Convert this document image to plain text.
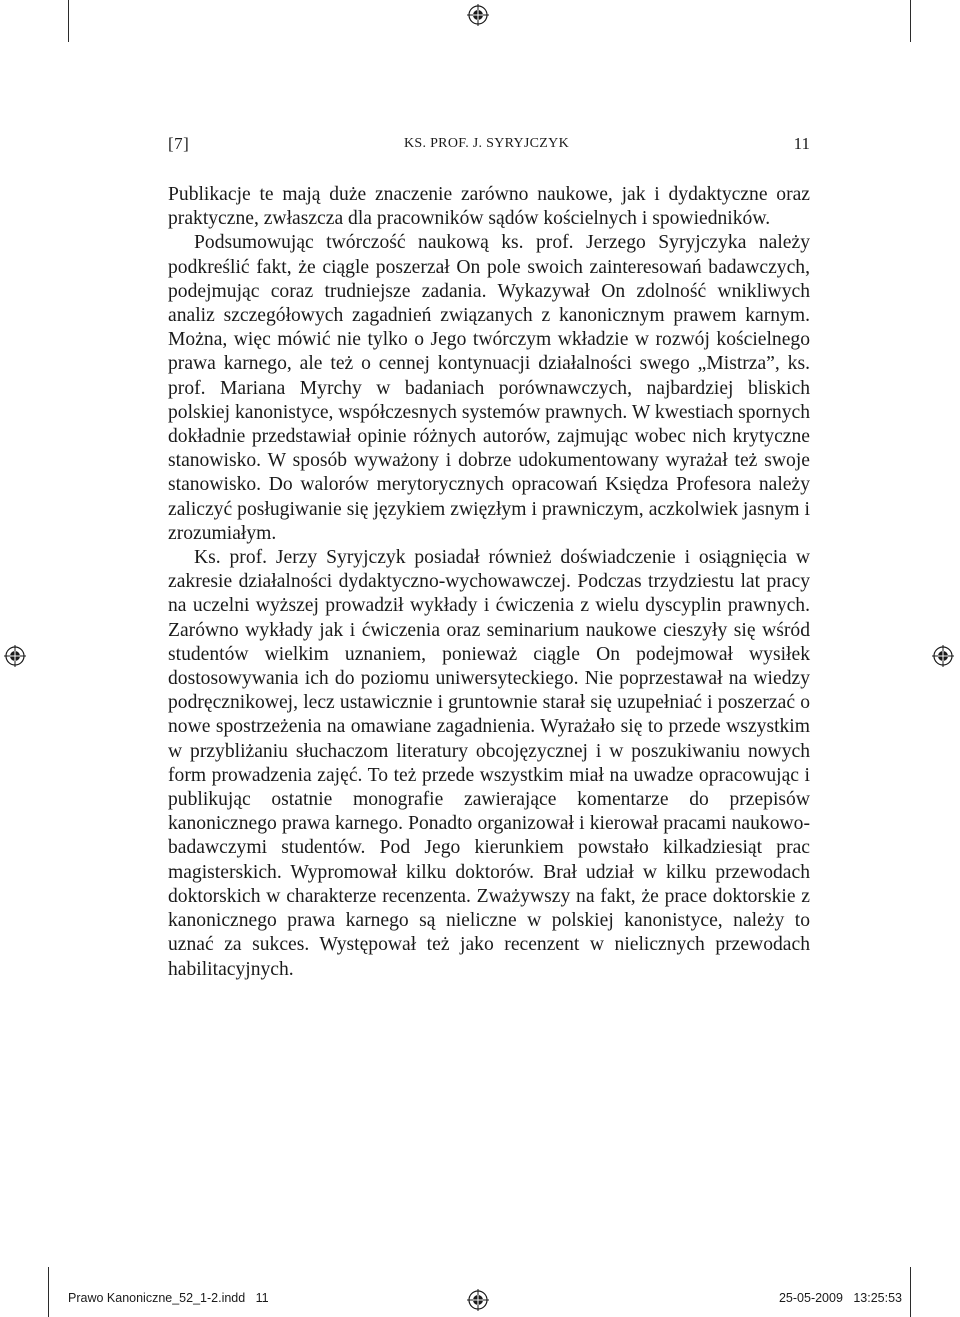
[7]	KS. PROF. J. SYRYJCZYK	11

Publikacje te mają duże znaczenie zarówno naukowe, jak i dydaktyczne oraz praktyczne, zwłaszcza dla pracowników sądów kościelnych i spowiedników.

Podsumowując twórczość naukową ks. prof. Jerzego Syryjczyka należy podkreślić fakt, że ciągle poszerzał On pole swoich zainteresowań badawczych, podejmując coraz trudniejsze zadania. Wykazywał On zdolność wnikliwych analiz szczegółowych zagadnień związanych z kanonicznym prawem karnym. Można, więc mówić nie tylko o Jego twórczym wkładzie w rozwój kościelnego prawa karnego, ale też o cennej kontynuacji działalności swego „Mistrza”, ks. prof. Mariana Myrchy w badaniach porównawczych, najbardziej bliskich polskiej kanonistyce, współczesnych systemów prawnych. W kwestiach spornych dokładnie przedstawiał opinie różnych autorów, zajmując wobec nich krytyczne stanowisko. W sposób wyważony i dobrze udokumentowany wyrażał też swoje stanowisko. Do walorów merytorycznych opracowań Księdza Profesora należy zaliczyć posługiwanie się językiem zwięzłym i prawniczym, aczkolwiek jasnym i zrozumiałym.

Ks. prof. Jerzy Syryjczyk posiadał również doświadczenie i osiągnięcia w zakresie działalności dydaktyczno-wychowawczej. Podczas trzydziestu lat pracy na uczelni wyższej prowadził wykłady i ćwiczenia z wielu dyscyplin prawnych. Zarówno wykłady jak i ćwiczenia oraz seminarium naukowe cieszyły się wśród studentów wielkim uznaniem, ponieważ ciągle On podejmował wysiłek dostosowywania ich do poziomu uniwersyteckiego. Nie poprzestawał na wiedzy podręcznikowej, lecz ustawicznie i gruntownie starał się uzupełniać i poszerzać o nowe spostrzeżenia na omawiane zagadnienia. Wyrażało się to przede wszystkim w przybliżaniu słuchaczom literatury obcojęzycznej i w poszukiwaniu nowych form prowadzenia zajęć. To też przede wszystkim miał na uwadze opracowując i publikując ostatnie monografie zawierające komentarze do przepisów kanonicznego prawa karnego. Ponadto organizował i kierował pracami naukowo-badawczymi studentów. Pod Jego kierunkiem powstało kilkadziesiąt prac magisterskich. Wypromował kilku doktorów. Brał udział w kilku przewodach doktorskich w charakterze recenzenta. Zważywszy na fakt, że prace doktorskie z kanonicznego prawa karnego są nieliczne w polskiej kanonistyce, należy to uznać za sukces. Występował też jako recenzent w nielicznych przewodach habilitacyjnych.

Prawo Kanoniczne_52_1-2.indd   11	25-05-2009   13:25:53
